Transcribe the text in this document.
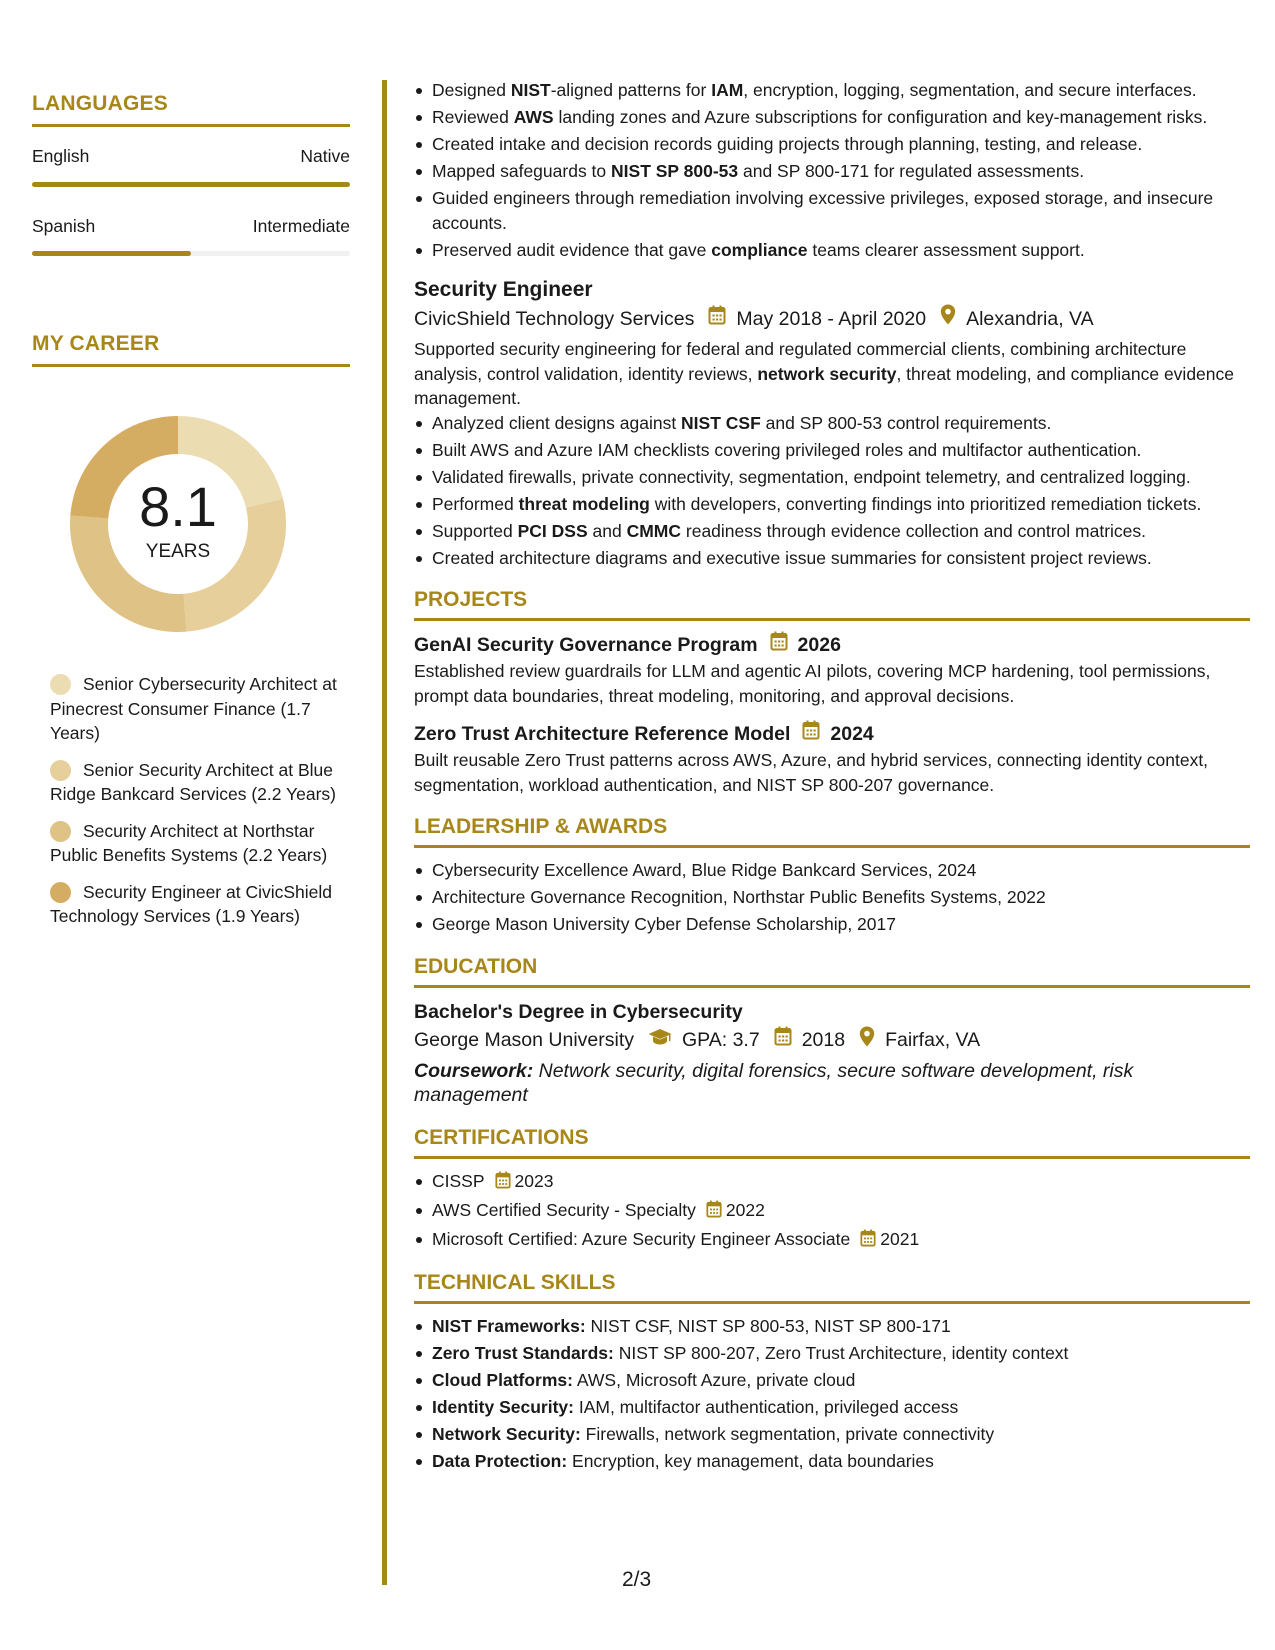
LANGUAGES
English	Native
Spanish	Intermediate
MY CAREER
8.1
YEARS
Senior Cybersecurity Architect at Pinecrest Consumer Finance (1.7 Years)
Senior Security Architect at Blue Ridge Bankcard Services (2.2 Years)
Security Architect at Northstar Public Benefits Systems (2.2 Years)
Security Engineer at CivicShield Technology Services (1.9 Years)
Designed NIST-aligned patterns for IAM, encryption, logging, segmentation, and secure interfaces.
Reviewed AWS landing zones and Azure subscriptions for configuration and key-management risks.
Created intake and decision records guiding projects through planning, testing, and release.
Mapped safeguards to NIST SP 800-53 and SP 800-171 for regulated assessments.
Guided engineers through remediation involving excessive privileges, exposed storage, and insecure accounts.
Preserved audit evidence that gave compliance teams clearer assessment support.
Security Engineer
CivicShield Technology Services May 2018 - April 2020 Alexandria, VA

Supported security engineering for federal and regulated commercial clients, combining architecture analysis, control validation, identity reviews, network security, threat modeling, and compliance evidence management.

Analyzed client designs against NIST CSF and SP 800-53 control requirements.
Built AWS and Azure IAM checklists covering privileged roles and multifactor authentication.
Validated firewalls, private connectivity, segmentation, endpoint telemetry, and centralized logging.
Performed threat modeling with developers, converting findings into prioritized remediation tickets.
Supported PCI DSS and CMMC readiness through evidence collection and control matrices.
Created architecture diagrams and executive issue summaries for consistent project reviews.
PROJECTS
GenAI Security Governance Program 2026

Established review guardrails for LLM and agentic AI pilots, covering MCP hardening, tool permissions, prompt data boundaries, threat modeling, monitoring, and approval decisions.

Zero Trust Architecture Reference Model 2024

Built reusable Zero Trust patterns across AWS, Azure, and hybrid services, connecting identity context, segmentation, workload authentication, and NIST SP 800-207 governance.

LEADERSHIP & AWARDS
Cybersecurity Excellence Award, Blue Ridge Bankcard Services, 2024
Architecture Governance Recognition, Northstar Public Benefits Systems, 2022
George Mason University Cyber Defense Scholarship, 2017
EDUCATION
Bachelor's Degree in Cybersecurity
George Mason University GPA: 3.7 2018 Fairfax, VA
Coursework: Network security, digital forensics, secure software development, risk management
CERTIFICATIONS
CISSP 2023
AWS Certified Security - Specialty 2022
Microsoft Certified: Azure Security Engineer Associate 2021
TECHNICAL SKILLS
NIST Frameworks: NIST CSF, NIST SP 800-53, NIST SP 800-171
Zero Trust Standards: NIST SP 800-207, Zero Trust Architecture, identity context
Cloud Platforms: AWS, Microsoft Azure, private cloud
Identity Security: IAM, multifactor authentication, privileged access
Network Security: Firewalls, network segmentation, private connectivity
Data Protection: Encryption, key management, data boundaries
2/3
